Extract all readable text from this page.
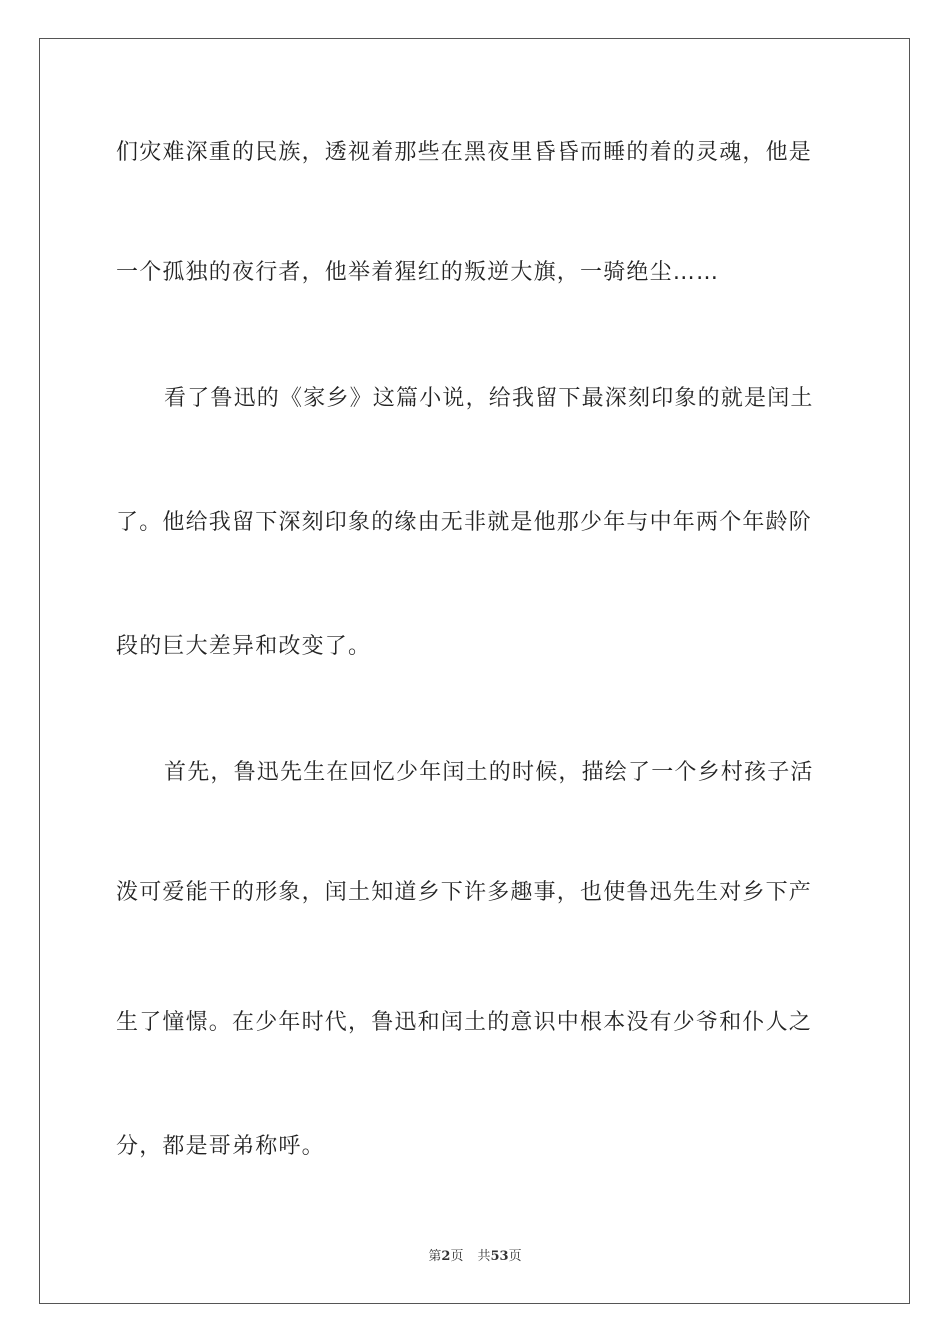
们灾难深重的民族，透视着那些在黑夜里昏昏而睡的着的灵魂，他是
一个孤独的夜行者，他举着猩红的叛逆大旗，一骑绝尘……
看了鲁迅的《家乡》这篇小说，给我留下最深刻印象的就是闰土
了。他给我留下深刻印象的缘由无非就是他那少年与中年两个年龄阶
段的巨大差异和改变了。
首先，鲁迅先生在回忆少年闰土的时候，描绘了一个乡村孩子活
泼可爱能干的形象，闰土知道乡下许多趣事，也使鲁迅先生对乡下产
生了憧憬。在少年时代，鲁迅和闰土的意识中根本没有少爷和仆人之
分，都是哥弟称呼。
第2页 共53页
